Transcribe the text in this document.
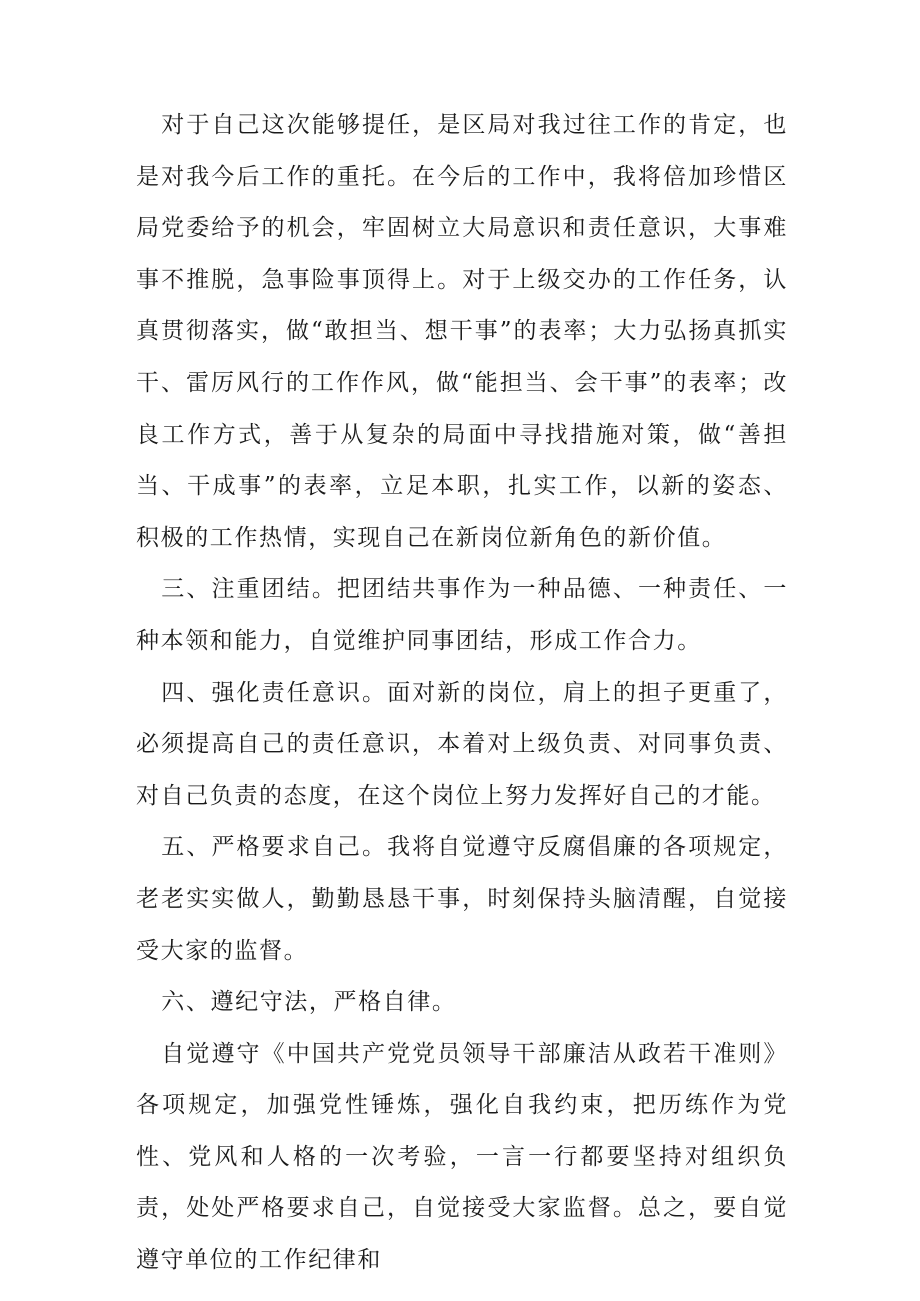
对于自己这次能够提任，是区局对我过往工作的肯定，也是对我今后工作的重托。在今后的工作中，我将倍加珍惜区局党委给予的机会，牢固树立大局意识和责任意识，大事难事不推脱，急事险事顶得上。对于上级交办的工作任务，认真贯彻落实，做“敢担当、想干事”的表率；大力弘扬真抓实干、雷厉风行的工作作风，做“能担当、会干事”的表率；改良工作方式，善于从复杂的局面中寻找措施对策，做“善担当、干成事”的表率，立足本职，扎实工作，以新的姿态、积极的工作热情，实现自己在新岗位新角色的新价值。

三、注重团结。把团结共事作为一种品德、一种责任、一种本领和能力，自觉维护同事团结，形成工作合力。

四、强化责任意识。面对新的岗位，肩上的担子更重了，必须提高自己的责任意识，本着对上级负责、对同事负责、对自己负责的态度，在这个岗位上努力发挥好自己的才能。

五、严格要求自己。我将自觉遵守反腐倡廉的各项规定，老老实实做人，勤勤恳恳干事，时刻保持头脑清醒，自觉接受大家的监督。

六、遵纪守法，严格自律。

自觉遵守《中国共产党党员领导干部廉洁从政若干准则》各项规定，加强党性锤炼，强化自我约束，把历练作为党性、党风和人格的一次考验，一言一行都要坚持对组织负责，处处严格要求自己，自觉接受大家监督。总之，要自觉遵守单位的工作纪律和
